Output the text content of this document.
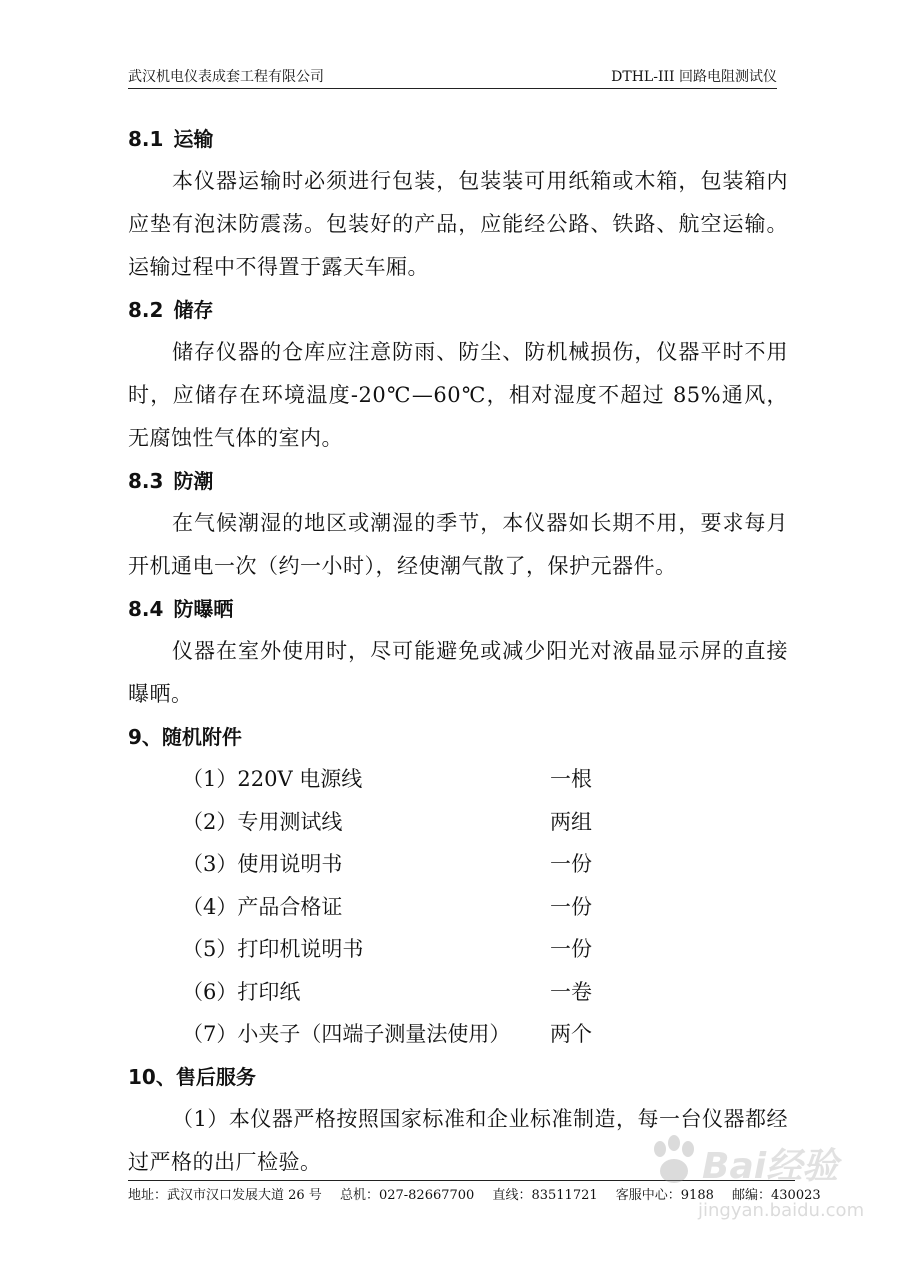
武汉机电仪表成套工程有限公司	DTHL-III 回路电阻测试仪
8.1 运输

本仪器运输时必须进行包装，包装装可用纸箱或木箱，包装箱内应垫有泡沫防震荡。包装好的产品，应能经公路、铁路、航空运输。运输过程中不得置于露天车厢。

8.2 储存

储存仪器的仓库应注意防雨、防尘、防机械损伤，仪器平时不用时，应储存在环境温度-20℃—60℃，相对湿度不超过 85%通风，无腐蚀性气体的室内。

8.3 防潮

在气候潮湿的地区或潮湿的季节，本仪器如长期不用，要求每月开机通电一次（约一小时），经使潮气散了，保护元器件。

8.4 防曝晒

仪器在室外使用时，尽可能避免或减少阳光对液晶显示屏的直接曝晒。

9、随机附件
（1）220V 电源线	一根
（2）专用测试线	两组
（3）使用说明书	一份
（4）产品合格证	一份
（5）打印机说明书	一份
（6）打印纸	一卷
（7）小夹子（四端子测量法使用） 两个
10、售后服务

（1）本仪器严格按照国家标准和企业标准制造，每一台仪器都经过严格的出厂检验。

地址：武汉市汉口发展大道 26 号 总机：027-82667700 直线：83511721 客服中心：9188 邮编：430023
Bai经验
jingyan.baidu.com
